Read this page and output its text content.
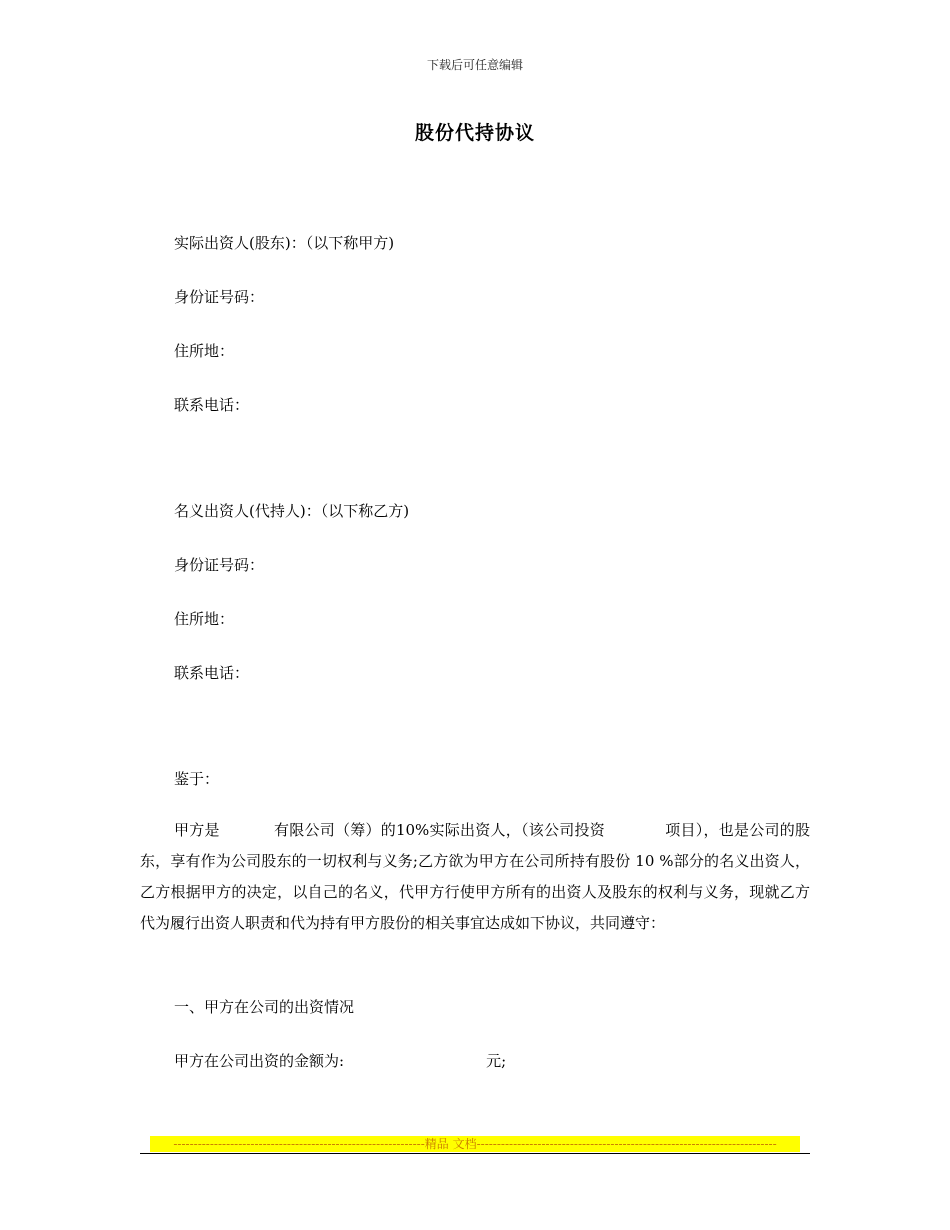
下载后可任意编辑
股份代持协议
实际出资人(股东)：（以下称甲方)
身份证号码：
住所地：
联系电话：
名义出资人(代持人)：（以下称乙方)
身份证号码：
住所地：
联系电话：
鉴于：
甲方是	有限公司（筹）的10%实际出资人，（该公司投资	项目），也是公司的股东，享有作为公司股东的一切权利与义务;乙方欲为甲方在公司所持有股份 10 %部分的名义出资人，乙方根据甲方的决定，以自己的名义，代甲方行使甲方所有的出资人及股东的权利与义务，现就乙方代为履行出资人职责和代为持有甲方股份的相关事宜达成如下协议，共同遵守：
一、甲方在公司的出资情况
甲方在公司出资的金额为:	元;
--------------------------------------------------------------精品 文档--------------------------------------------------------------------------
